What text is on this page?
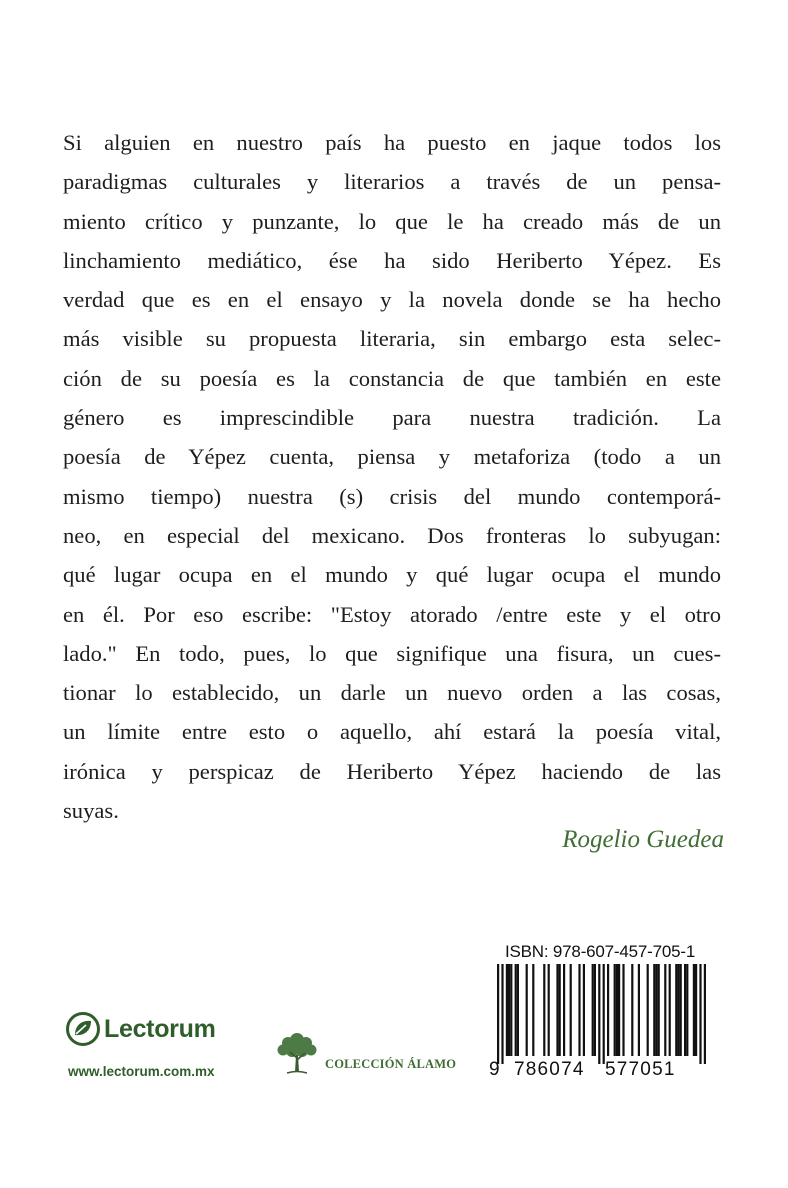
Si alguien en nuestro país ha puesto en jaque todos los
paradigmas culturales y literarios a través de un pensa-
miento crítico y punzante, lo que le ha creado más de un
linchamiento mediático, ése ha sido Heriberto Yépez. Es
verdad que es en el ensayo y la novela donde se ha hecho
más visible su propuesta literaria, sin embargo esta selec-
ción de su poesía es la constancia de que también en este
género es imprescindible para nuestra tradición. La
poesía de Yépez cuenta, piensa y metaforiza (todo a un
mismo tiempo) nuestra (s) crisis del mundo contemporá-
neo, en especial del mexicano. Dos fronteras lo subyugan:
qué lugar ocupa en el mundo y qué lugar ocupa el mundo
en él. Por eso escribe: "Estoy atorado /entre este y el otro
lado." En todo, pues, lo que signifique una fisura, un cues-
tionar lo establecido, un darle un nuevo orden a las cosas,
un límite entre esto o aquello, ahí estará la poesía vital,
irónica y perspicaz de Heriberto Yépez haciendo de las
suyas.
Rogelio Guedea
ISBN: 978-607-457-705-1
9 786074 577051
Lectorum
www.lectorum.com.mx	COLECCIÓN ÁLAMO
